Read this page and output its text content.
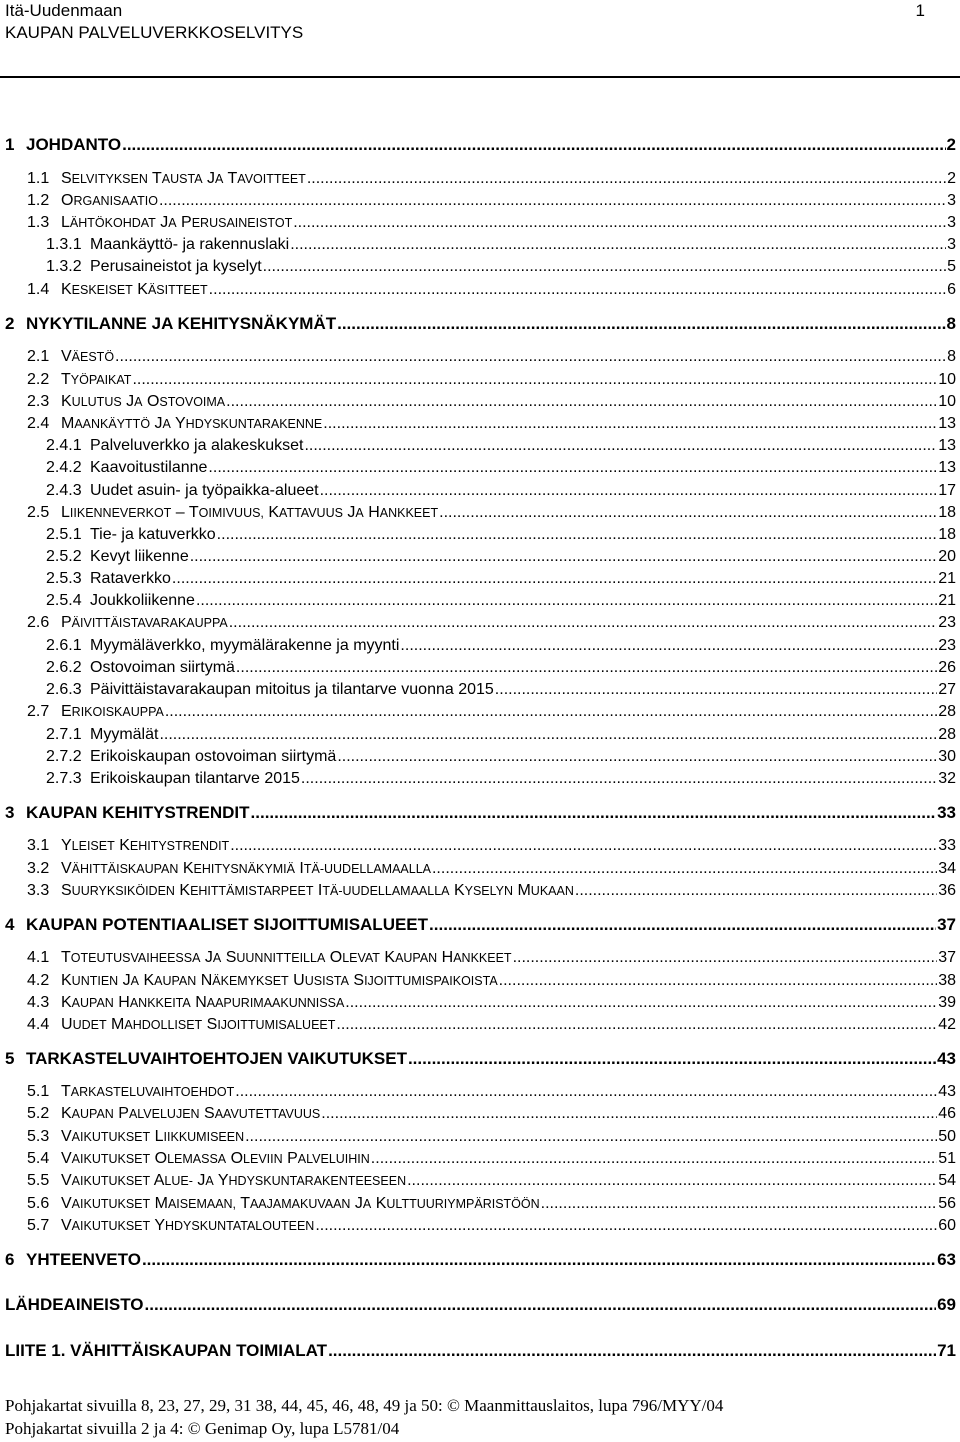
Itä-Uudenmaan
KAUPAN PALVELUVERKKOSELVITYS
1
1 JOHDANTO .....	2
1.1 SELVITYKSEN TAUSTA JA TAVOITTEET .....	2
1.2 ORGANISAATIO .....	3
1.3 LÄHTÖKOHDAT JA PERUSAINEISTOT .....	3
1.3.1 Maankäyttö- ja rakennuslaki .....	3
1.3.2 Perusaineistot ja kyselyt .....	5
1.4 KESKEISET KÄSITTEET .....	6
2 NYKYTILANNE JA KEHITYSNÄKYMÄT .....	8
2.1 VÄESTÖ .....	8
2.2 TYÖPAIKAT .....	10
2.3 KULUTUS JA OSTOVOIMA .....	10
2.4 MAANKÄYTTÖ JA YHDYSKUNTARAKENNE .....	13
2.4.1 Palveluverkko ja alakeskukset .....	13
2.4.2 Kaavoitustilanne .....	13
2.4.3 Uudet asuin- ja työpaikka-alueet .....	17
2.5 LIIKENNEVERKOT – TOIMIVUUS, KATTAVUUS JA HANKKEET .....	18
2.5.1 Tie- ja katuverkko .....	18
2.5.2 Kevyt liikenne .....	20
2.5.3 Rataverkko .....	21
2.5.4 Joukkoliikenne .....	21
2.6 PÄIVITTÄISTAVARAKAUPPA .....	23
2.6.1 Myymäläverkko, myymälärakenne ja myynti .....	23
2.6.2 Ostovoiman siirtymä .....	26
2.6.3 Päivittäistavarakaupan mitoitus ja tilantarve vuonna 2015 .....	27
2.7 ERIKOISKAUPPA .....	28
2.7.1 Myymälät .....	28
2.7.2 Erikoiskaupan ostovoiman siirtymä .....	30
2.7.3 Erikoiskaupan tilantarve 2015 .....	32
3 KAUPAN KEHITYSTRENDIT .....	33
3.1 YLEISET KEHITYSTRENDIT .....	33
3.2 VÄHITTÄISKAUPAN KEHITYSNÄKYMIÄ ITÄ-UUDELLAMAALLA .....	34
3.3 SUURYKSIKÖIDEN KEHITTÄMISTARPEET ITÄ-UUDELLAMAALLA KYSELYN MUKAAN .....	36
4 KAUPAN POTENTIAALISET SIJOITTUMISALUEET .....	37
4.1 TOTEUTUSVAIHEESSA JA SUUNNITTEILLA OLEVAT KAUPAN HANKKEET .....	37
4.2 KUNTIEN JA KAUPAN NÄKEMYKSET UUSISTA SIJOITTUMISPAIKOISTA .....	38
4.3 KAUPAN HANKKEITA NAAPURIMAAKUNNISSA .....	39
4.4 UUDET MAHDOLLISET SIJOITTUMISALUEET .....	42
5 TARKASTELUVAIHTOEHTOJEN VAIKUTUKSET .....	43
5.1 TARKASTELUVAIHTOEHDOT .....	43
5.2 KAUPAN PALVELUJEN SAAVUTETTAVUUS .....	46
5.3 VAIKUTUKSET LIIKKUMISEEN .....	50
5.4 VAIKUTUKSET OLEMASSA OLEVIIN PALVELUIHIN .....	51
5.5 VAIKUTUKSET ALUE- JA YHDYSKUNTARAKENTEESEEN .....	54
5.6 VAIKUTUKSET MAISEMAAN, TAAJAMAKUVAAN JA KULTTUURIYMPÄRISTÖÖN .....	56
5.7 VAIKUTUKSET YHDYSKUNTATALOUTEEN .....	60
6 YHTEENVETO .....	63
LÄHDEAINEISTO .....	69
LIITE 1. VÄHITTÄISKAUPAN TOIMIALAT .....	71
Pohjakartat sivuilla 8, 23, 27, 29, 31 38, 44, 45, 46, 48, 49 ja 50: © Maanmittauslaitos, lupa 796/MYY/04
Pohjakartat sivuilla 2 ja 4: © Genimap Oy, lupa L5781/04
